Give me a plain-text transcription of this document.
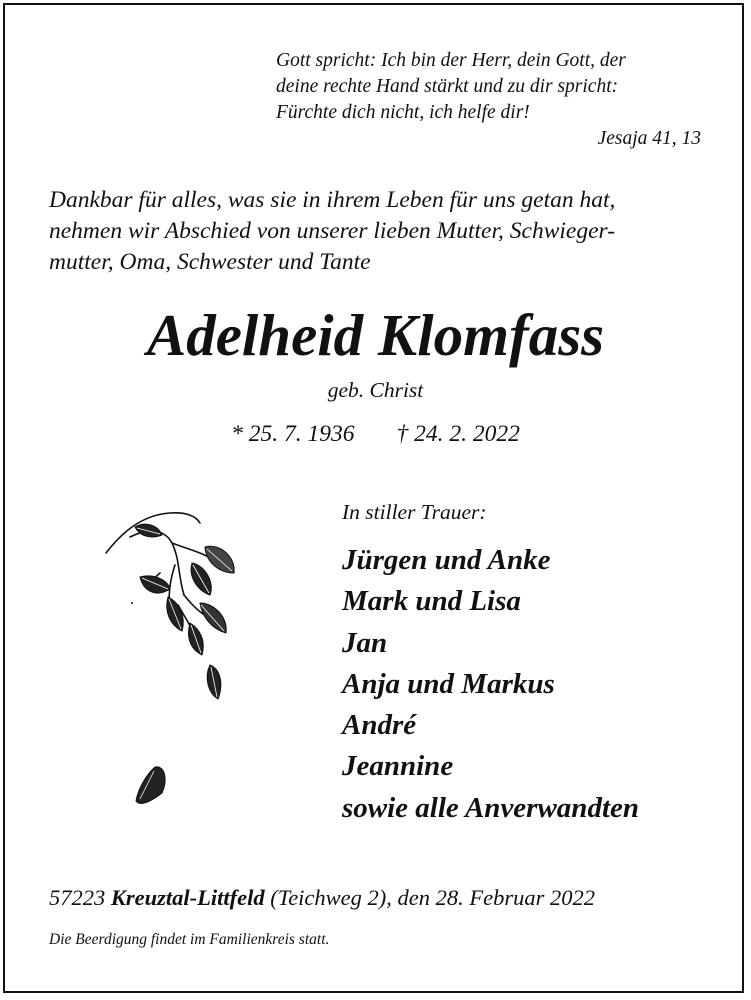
Gott spricht: Ich bin der Herr, dein Gott, der
deine rechte Hand stärkt und zu dir spricht:
Fürchte dich nicht, ich helfe dir!
Jesaja 41, 13
Dankbar für alles, was sie in ihrem Leben für uns getan hat,
nehmen wir Abschied von unserer lieben Mutter, Schwieger-
mutter, Oma, Schwester und Tante
Adelheid Klomfass
geb. Christ
* 25. 7. 1936 † 24. 2. 2022
In stiller Trauer:
Jürgen und Anke
Mark und Lisa
Jan
Anja und Markus
André
Jeannine
sowie alle Anverwandten
57223 Kreuztal-Littfeld (Teichweg 2), den 28. Februar 2022
Die Beerdigung findet im Familienkreis statt.
